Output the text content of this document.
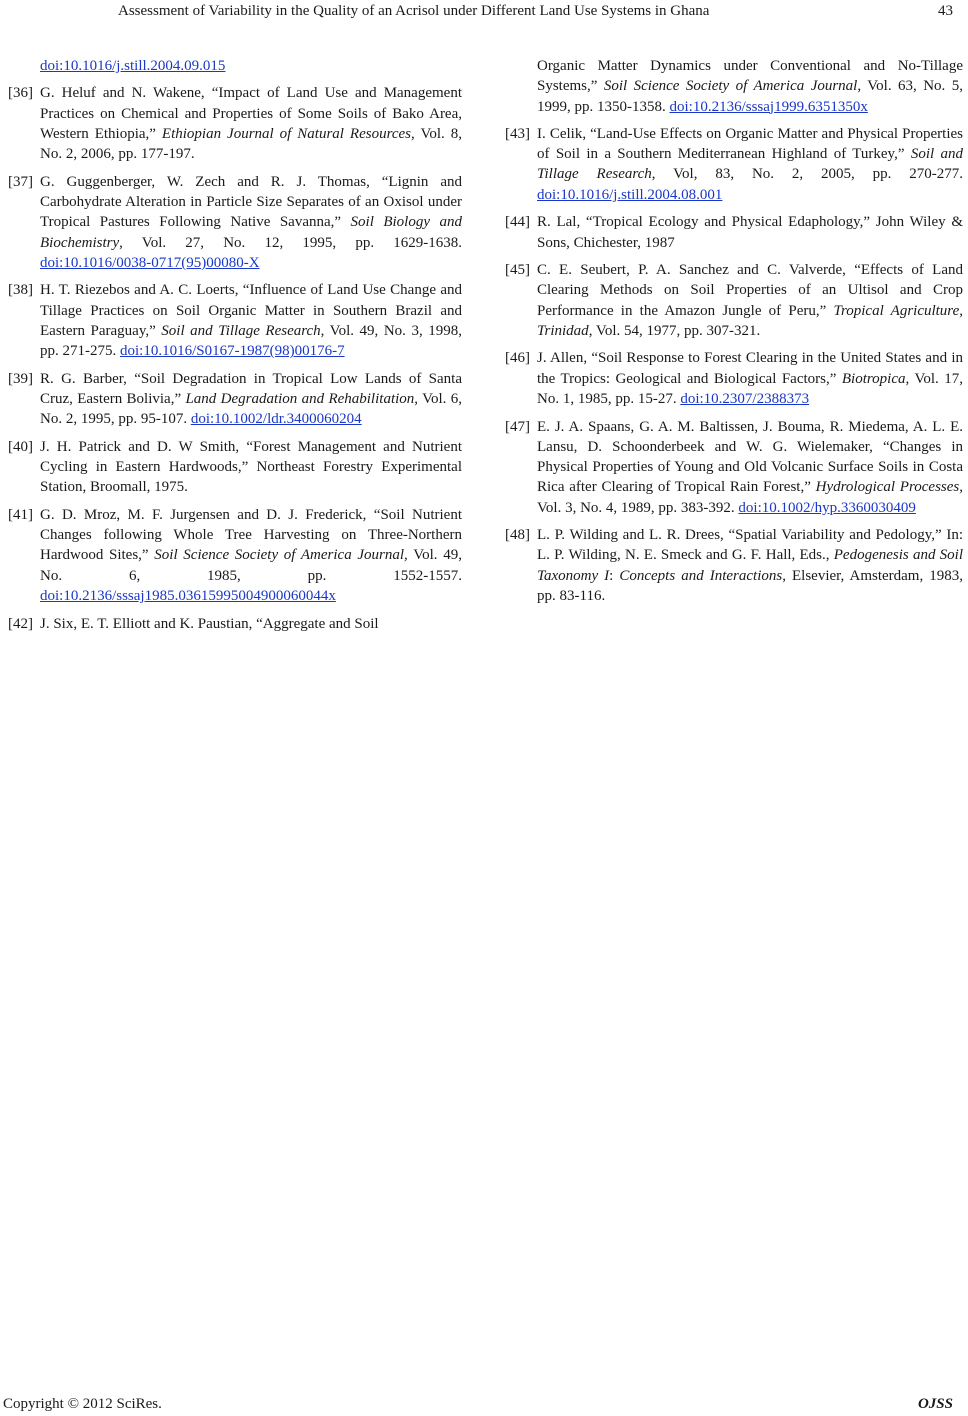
Assessment of Variability in the Quality of an Acrisol under Different Land Use Systems in Ghana	43
doi:10.1016/j.still.2004.09.015
[36] G. Heluf and N. Wakene, “Impact of Land Use and Management Practices on Chemical and Properties of Some Soils of Bako Area, Western Ethiopia,” Ethiopian Journal of Natural Resources, Vol. 8, No. 2, 2006, pp. 177-197.
[37] G. Guggenberger, W. Zech and R. J. Thomas, “Lignin and Carbohydrate Alteration in Particle Size Separates of an Oxisol under Tropical Pastures Following Native Savanna,” Soil Biology and Biochemistry, Vol. 27, No. 12, 1995, pp. 1629-1638. doi:10.1016/0038-0717(95)00080-X
[38] H. T. Riezebos and A. C. Loerts, “Influence of Land Use Change and Tillage Practices on Soil Organic Matter in Southern Brazil and Eastern Paraguay,” Soil and Tillage Research, Vol. 49, No. 3, 1998, pp. 271-275. doi:10.1016/S0167-1987(98)00176-7
[39] R. G. Barber, “Soil Degradation in Tropical Low Lands of Santa Cruz, Eastern Bolivia,” Land Degradation and Rehabilitation, Vol. 6, No. 2, 1995, pp. 95-107. doi:10.1002/ldr.3400060204
[40] J. H. Patrick and D. W Smith, “Forest Management and Nutrient Cycling in Eastern Hardwoods,” Northeast Forestry Experimental Station, Broomall, 1975.
[41] G. D. Mroz, M. F. Jurgensen and D. J. Frederick, “Soil Nutrient Changes following Whole Tree Harvesting on Three-Northern Hardwood Sites,” Soil Science Society of America Journal, Vol. 49, No. 6, 1985, pp. 1552-1557. doi:10.2136/sssaj1985.03615995004900060044x
[42] J. Six, E. T. Elliott and K. Paustian, “Aggregate and Soil
Organic Matter Dynamics under Conventional and No-Tillage Systems,” Soil Science Society of America Journal, Vol. 63, No. 5, 1999, pp. 1350-1358. doi:10.2136/sssaj1999.6351350x
[43] I. Celik, “Land-Use Effects on Organic Matter and Physical Properties of Soil in a Southern Mediterranean Highland of Turkey,” Soil and Tillage Research, Vol, 83, No. 2, 2005, pp. 270-277. doi:10.1016/j.still.2004.08.001
[44] R. Lal, “Tropical Ecology and Physical Edaphology,” John Wiley & Sons, Chichester, 1987
[45] C. E. Seubert, P. A. Sanchez and C. Valverde, “Effects of Land Clearing Methods on Soil Properties of an Ultisol and Crop Performance in the Amazon Jungle of Peru,” Tropical Agriculture, Trinidad, Vol. 54, 1977, pp. 307-321.
[46] J. Allen, “Soil Response to Forest Clearing in the United States and in the Tropics: Geological and Biological Factors,” Biotropica, Vol. 17, No. 1, 1985, pp. 15-27. doi:10.2307/2388373
[47] E. J. A. Spaans, G. A. M. Baltissen, J. Bouma, R. Miedema, A. L. E. Lansu, D. Schoonderbeek and W. G. Wielemaker, “Changes in Physical Properties of Young and Old Volcanic Surface Soils in Costa Rica after Clearing of Tropical Rain Forest,” Hydrological Processes, Vol. 3, No. 4, 1989, pp. 383-392. doi:10.1002/hyp.3360030409
[48] L. P. Wilding and L. R. Drees, “Spatial Variability and Pedology,” In: L. P. Wilding, N. E. Smeck and G. F. Hall, Eds., Pedogenesis and Soil Taxonomy I: Concepts and Interactions, Elsevier, Amsterdam, 1983, pp. 83-116.
Copyright © 2012 SciRes.	OJSS
